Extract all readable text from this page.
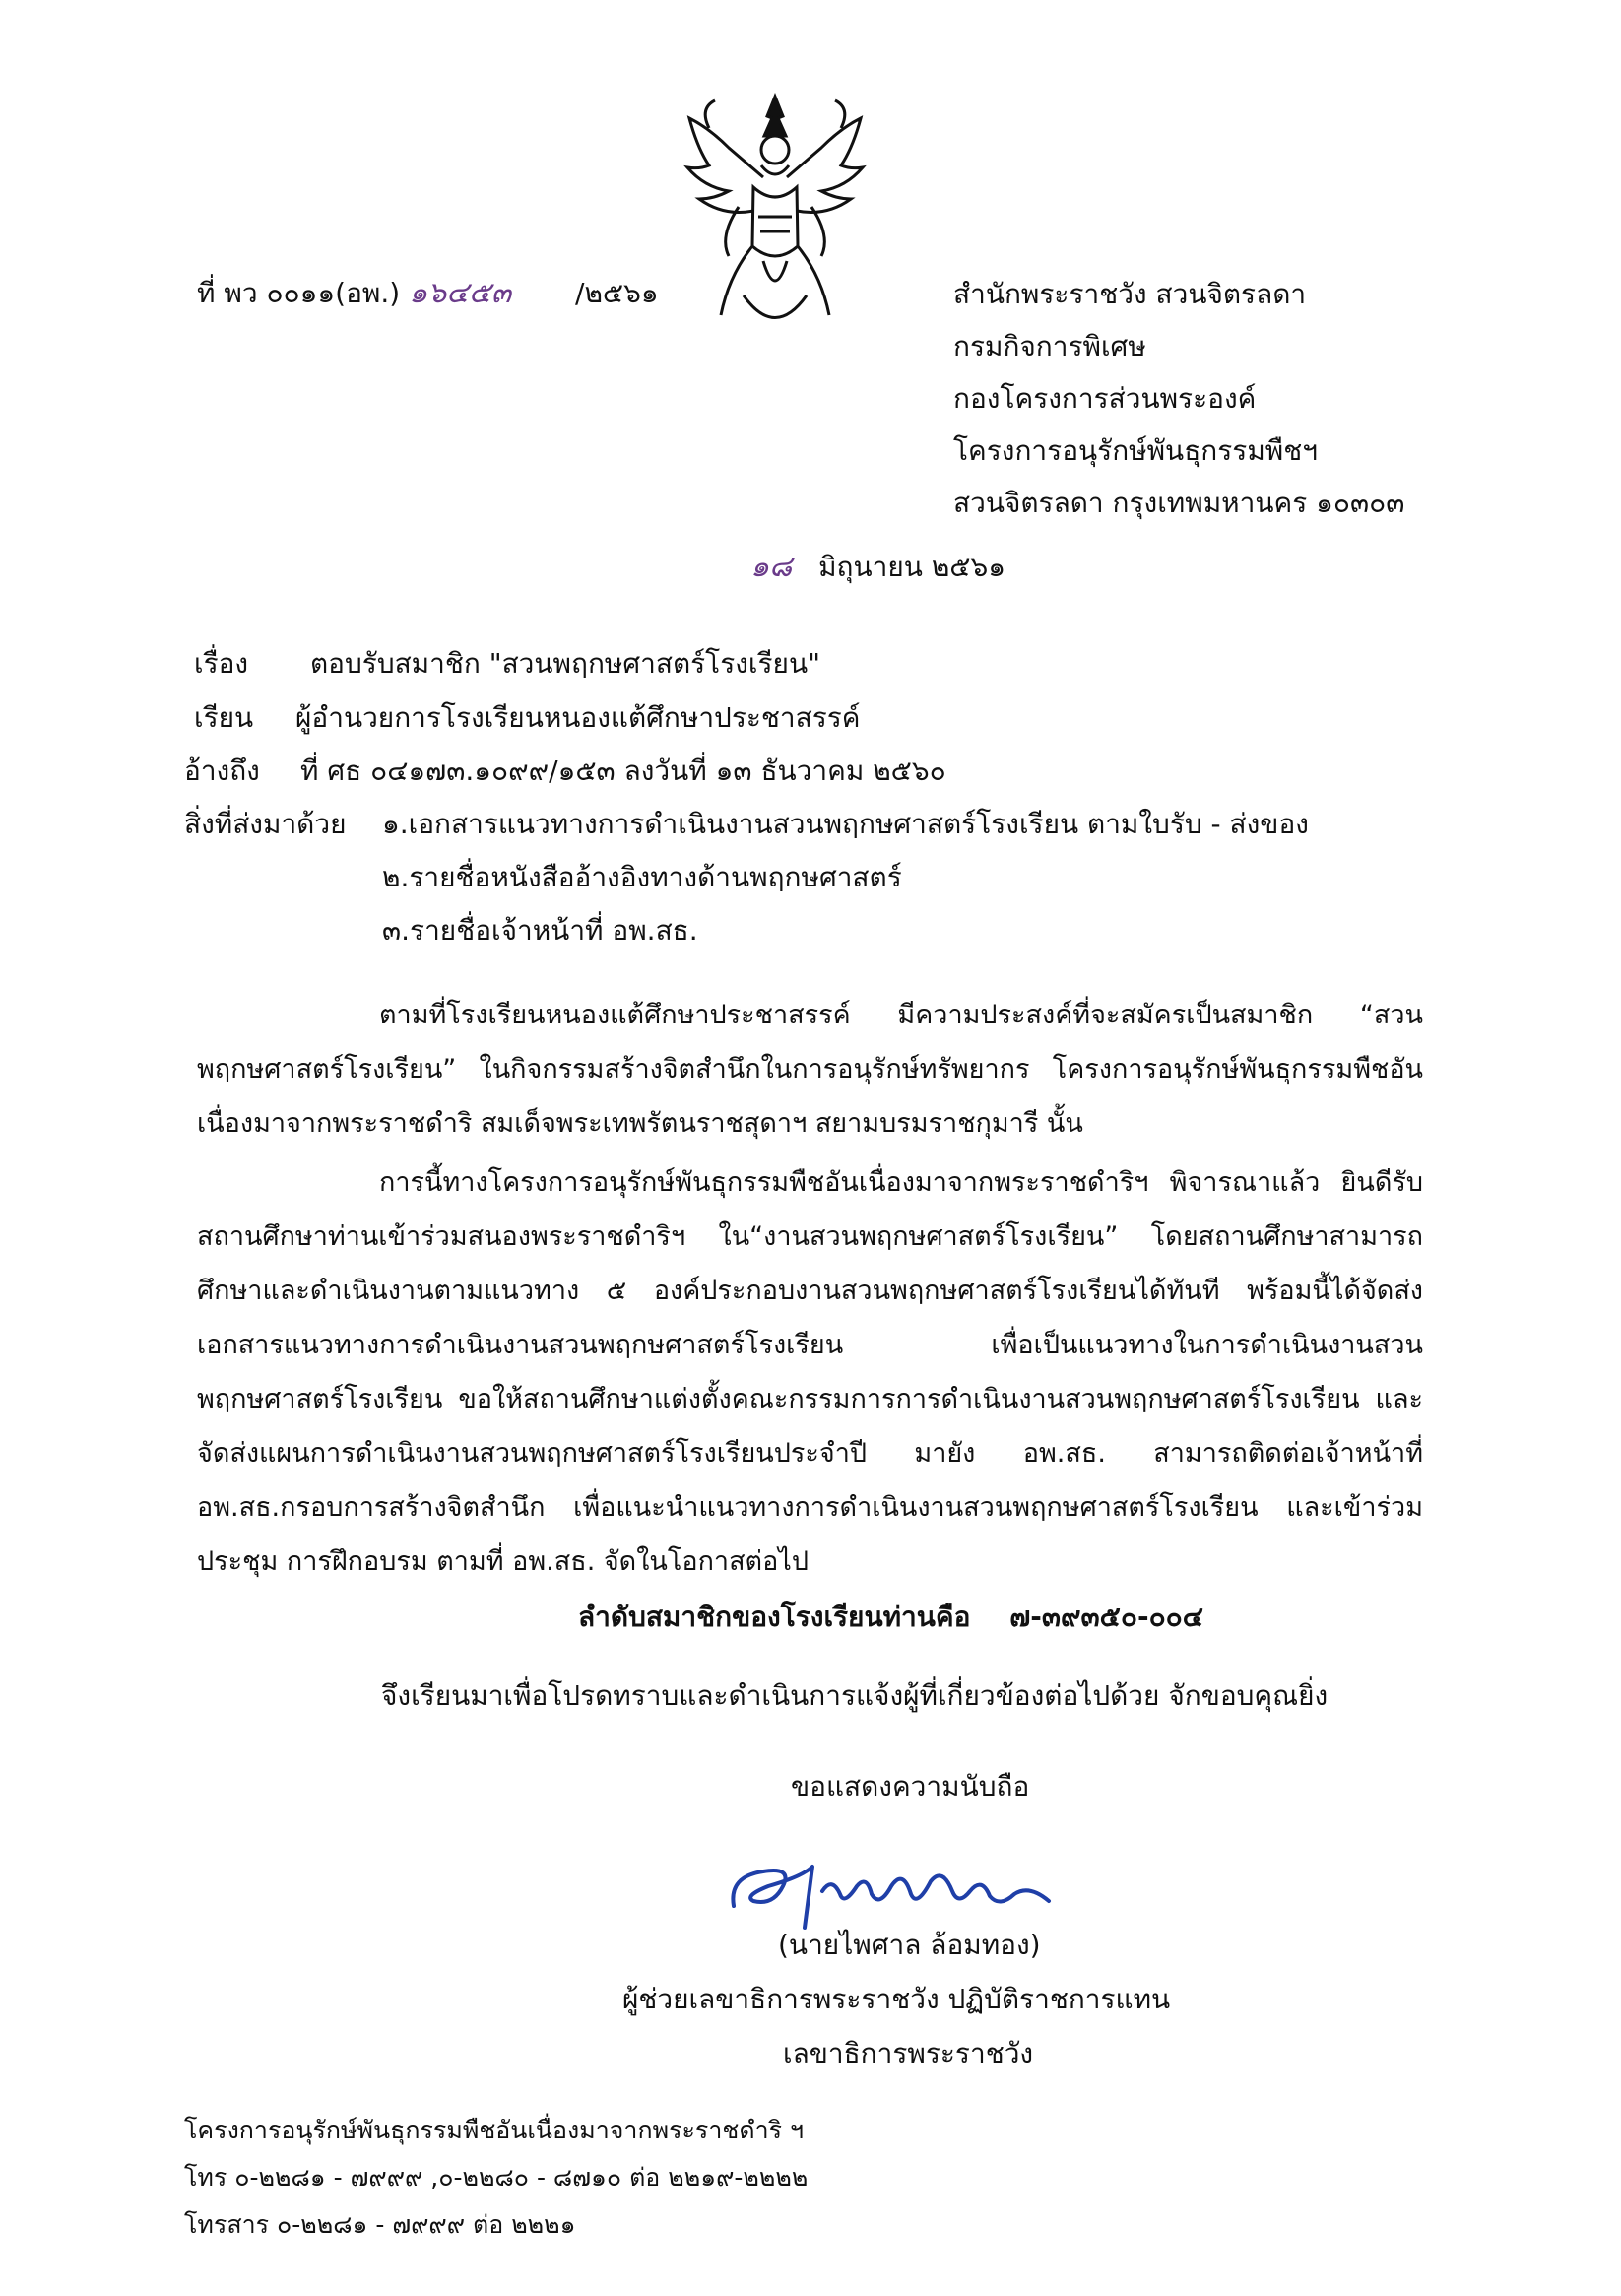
ที่ พว ๐๐๑๑(อพ.) ๑๖๔๕๓ /๒๕๖๑	สำนักพระราชวัง สวนจิตรลดา
กรมกิจการพิเศษ
กองโครงการส่วนพระองค์
โครงการอนุรักษ์พันธุกรรมพืชฯ
สวนจิตรลดา กรุงเทพมหานคร ๑๐๓๐๓
๑๘ มิถุนายน ๒๕๖๑
เรื่อง ตอบรับสมาชิก "สวนพฤกษศาสตร์โรงเรียน"
เรียน ผู้อำนวยการโรงเรียนหนองแต้ศึกษาประชาสรรค์
อ้างถึง ที่ ศธ ๐๔๑๗๓.๑๐๙๙/๑๕๓ ลงวันที่ ๑๓ ธันวาคม ๒๕๖๐
สิ่งที่ส่งมาด้วย ๑.เอกสารแนวทางการดำเนินงานสวนพฤกษศาสตร์โรงเรียน ตามใบรับ - ส่งของ
๒.รายชื่อหนังสืออ้างอิงทางด้านพฤกษศาสตร์
๓.รายชื่อเจ้าหน้าที่ อพ.สธ.
ตามที่โรงเรียนหนองแต้ศึกษาประชาสรรค์ มีความประสงค์ที่จะสมัครเป็นสมาชิก “สวนพฤกษศาสตร์โรงเรียน” ในกิจกรรมสร้างจิตสำนึกในการอนุรักษ์ทรัพยากร โครงการอนุรักษ์พันธุกรรมพืชอันเนื่องมาจากพระราชดำริ สมเด็จพระเทพรัตนราชสุดาฯ สยามบรมราชกุมารี นั้น
การนี้ทางโครงการอนุรักษ์พันธุกรรมพืชอันเนื่องมาจากพระราชดำริฯ พิจารณาแล้ว ยินดีรับสถานศึกษาท่านเข้าร่วมสนองพระราชดำริฯ ใน“งานสวนพฤกษศาสตร์โรงเรียน” โดยสถานศึกษาสามารถศึกษาและดำเนินงานตามแนวทาง ๕ องค์ประกอบงานสวนพฤกษศาสตร์โรงเรียนได้ทันที พร้อมนี้ได้จัดส่งเอกสารแนวทางการดำเนินงานสวนพฤกษศาสตร์โรงเรียน เพื่อเป็นแนวทางในการดำเนินงานสวนพฤกษศาสตร์โรงเรียน ขอให้สถานศึกษาแต่งตั้งคณะกรรมการการดำเนินงานสวนพฤกษศาสตร์โรงเรียน และจัดส่งแผนการดำเนินงานสวนพฤกษศาสตร์โรงเรียนประจำปี มายัง อพ.สธ. สามารถติดต่อเจ้าหน้าที่ อพ.สธ.กรอบการสร้างจิตสำนึก เพื่อแนะนำแนวทางการดำเนินงานสวนพฤกษศาสตร์โรงเรียน และเข้าร่วมประชุม การฝึกอบรม ตามที่ อพ.สธ. จัดในโอกาสต่อไป
ลำดับสมาชิกของโรงเรียนท่านคือ ๗-๓๙๓๕๐-๐๐๔
จึงเรียนมาเพื่อโปรดทราบและดำเนินการแจ้งผู้ที่เกี่ยวข้องต่อไปด้วย จักขอบคุณยิ่ง
ขอแสดงความนับถือ
(นายไพศาล ล้อมทอง)
ผู้ช่วยเลขาธิการพระราชวัง ปฏิบัติราชการแทน
เลขาธิการพระราชวัง
โครงการอนุรักษ์พันธุกรรมพืชอันเนื่องมาจากพระราชดำริ ฯ
โทร ๐-๒๒๘๑ - ๗๙๙๙ ,๐-๒๒๘๐ - ๘๗๑๐ ต่อ ๒๒๑๙-๒๒๒๒
โทรสาร ๐-๒๒๘๑ - ๗๙๙๙ ต่อ ๒๒๒๑
